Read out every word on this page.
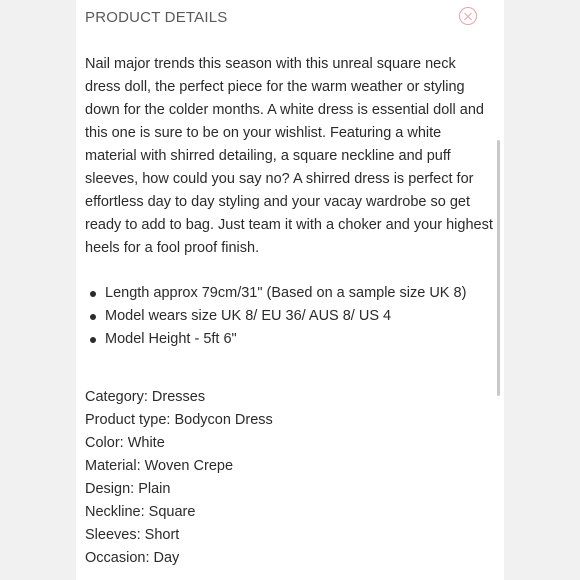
PRODUCT DETAILS

Nail major trends this season with this unreal square neck dress doll, the perfect piece for the warm weather or styling down for the colder months. A white dress is essential doll and this one is sure to be on your wishlist. Featuring a white material with shirred detailing, a square neckline and puff sleeves, how could you say no? A shirred dress is perfect for effortless day to day styling and your vacay wardrobe so get ready to add to bag. Just team it with a choker and your highest heels for a fool proof finish.

Length approx 79cm/31" (Based on a sample size UK 8)
Model wears size UK 8/ EU 36/ AUS 8/ US 4
Model Height - 5ft 6"
Category: Dresses
Product type: Bodycon Dress
Color: White
Material: Woven Crepe
Design: Plain
Neckline: Square
Sleeves: Short
Occasion: Day
